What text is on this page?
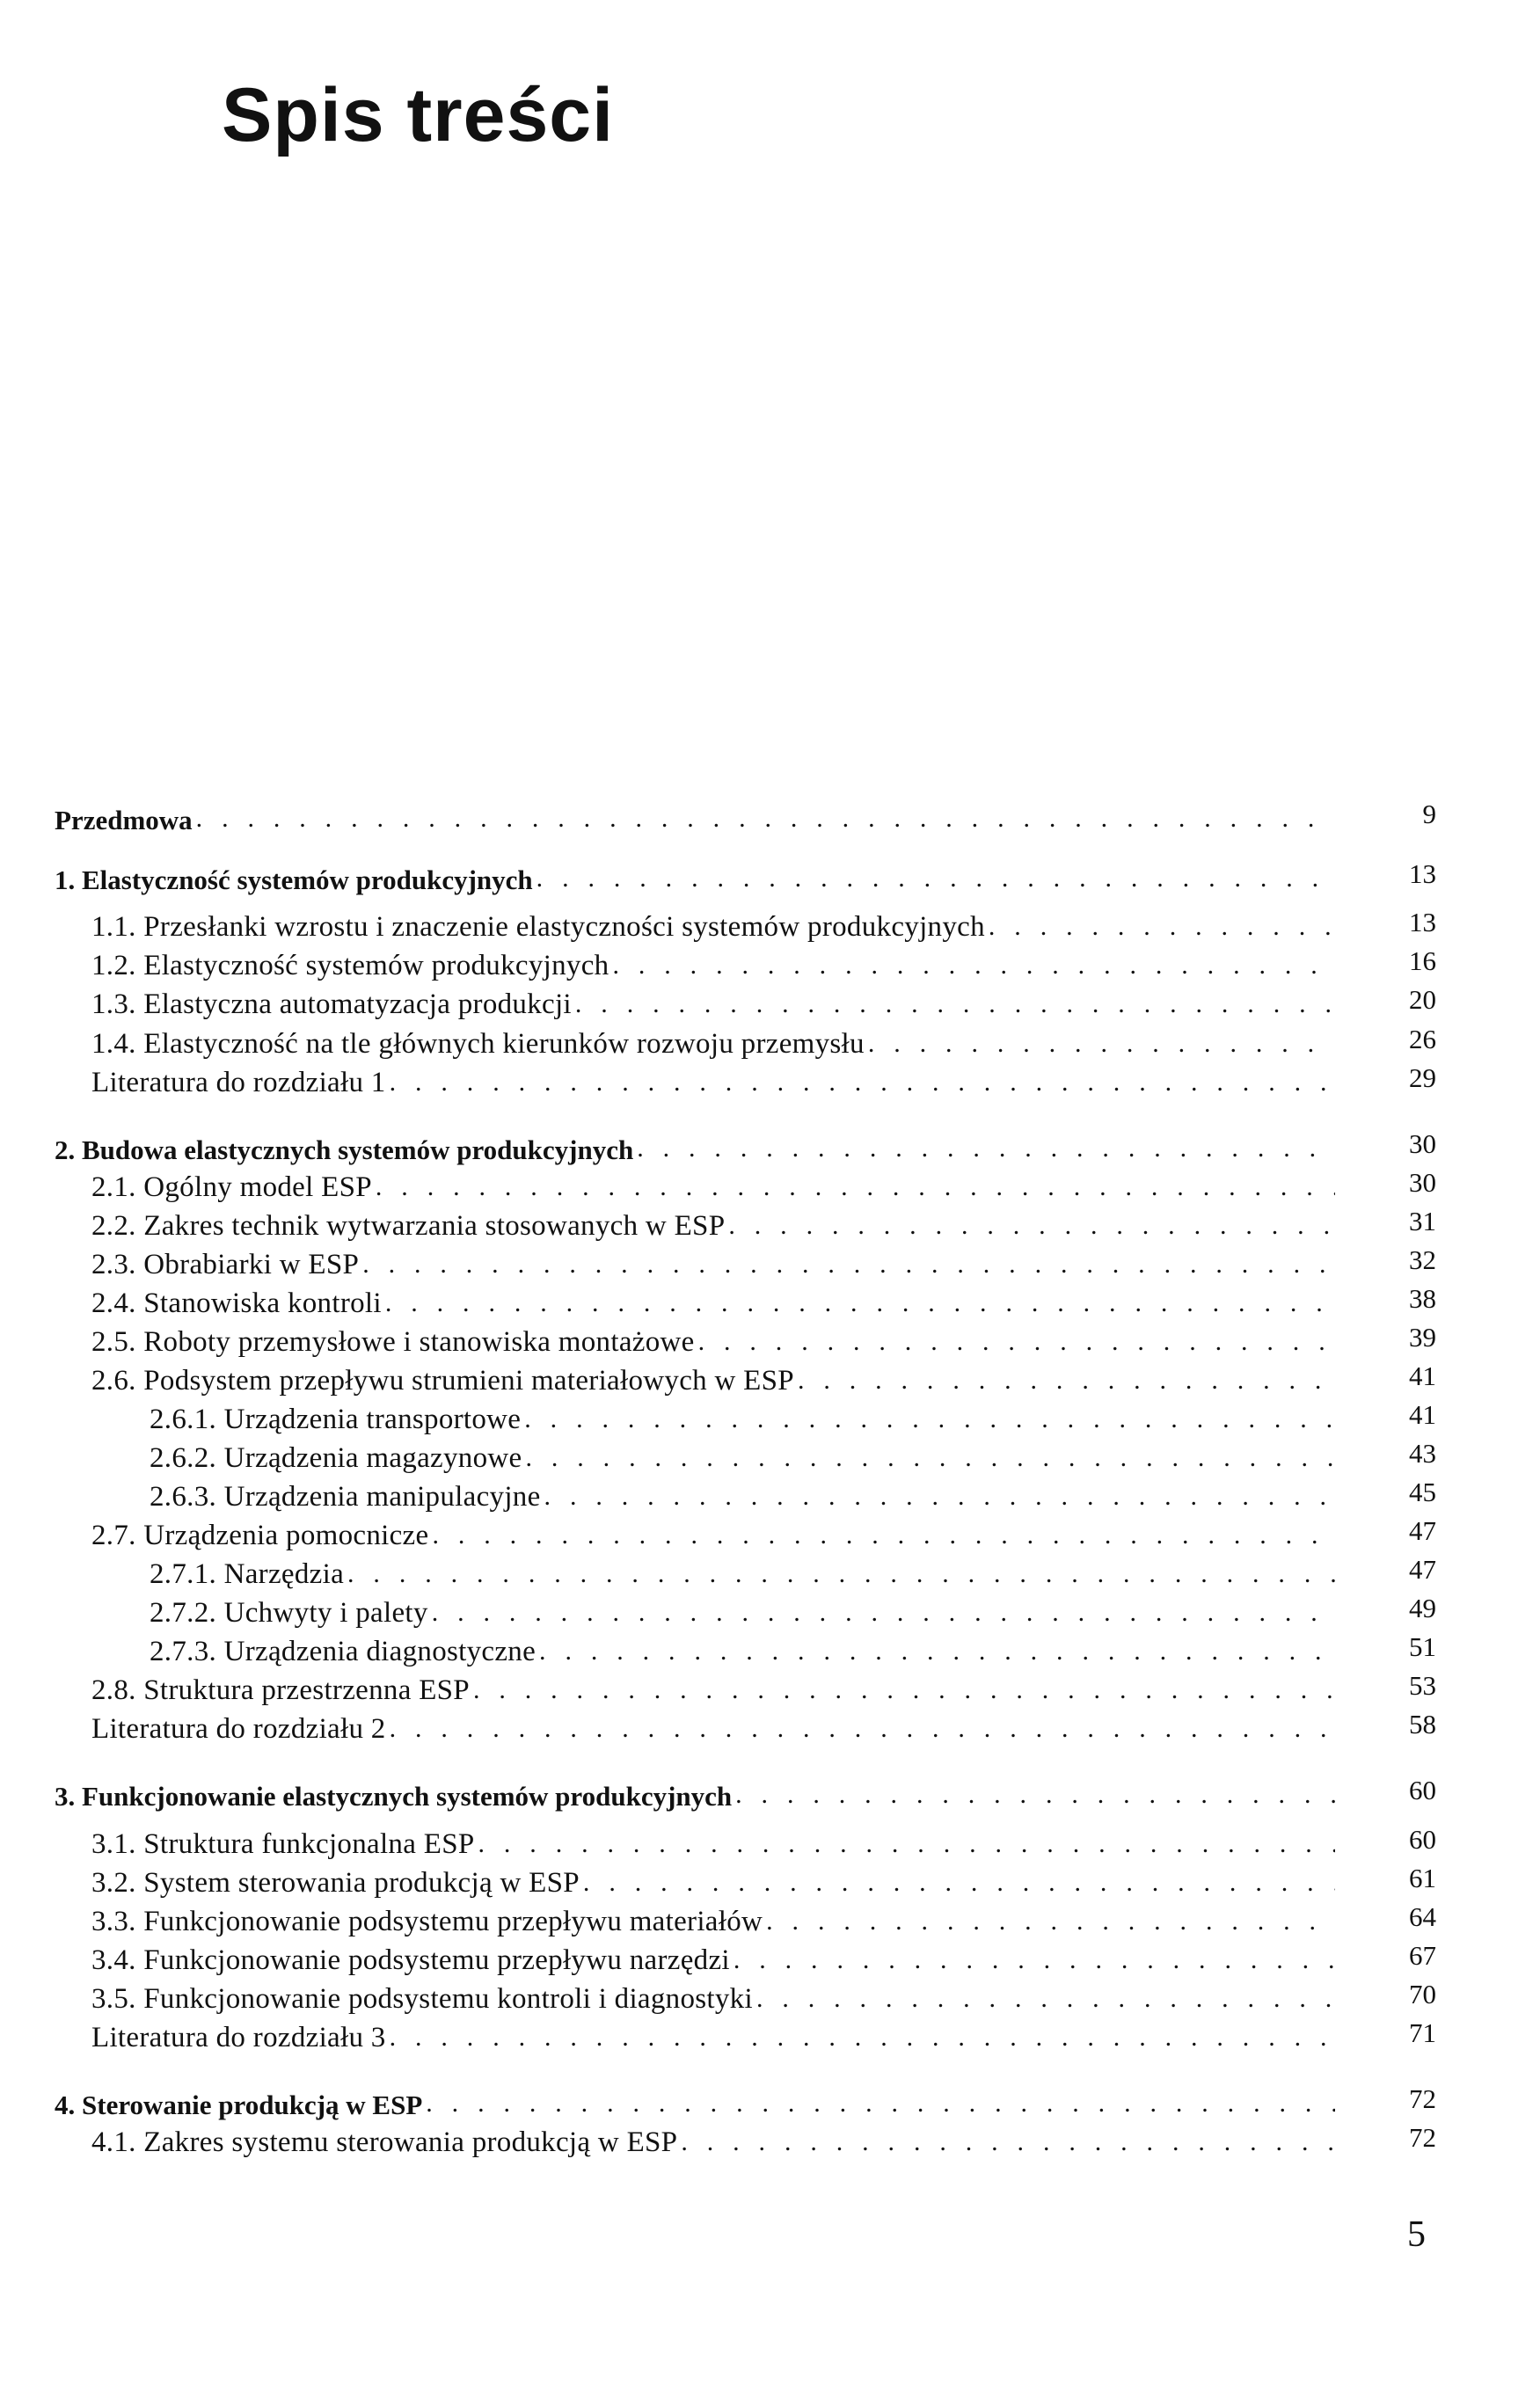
Spis treści
Przedmowa . . .	9
1. Elastyczność systemów produkcyjnych . . .	13
1.1. Przesłanki wzrostu i znaczenie elastyczności systemów produkcyjnych . . .	13
1.2. Elastyczność systemów produkcyjnych . . .	16
1.3. Elastyczna automatyzacja produkcji . . .	20
1.4. Elastyczność na tle głównych kierunków rozwoju przemysłu . . .	26
Literatura do rozdziału 1 . . .	29
2. Budowa elastycznych systemów produkcyjnych . . .	30
2.1. Ogólny model ESP . . .	30
2.2. Zakres technik wytwarzania stosowanych w ESP . . .	31
2.3. Obrabiarki w ESP . . .	32
2.4. Stanowiska kontroli . . .	38
2.5. Roboty przemysłowe i stanowiska montażowe . . .	39
2.6. Podsystem przepływu strumieni materiałowych w ESP . . .	41
2.6.1. Urządzenia transportowe . . .	41
2.6.2. Urządzenia magazynowe . . .	43
2.6.3. Urządzenia manipulacyjne . . .	45
2.7. Urządzenia pomocnicze . . .	47
2.7.1. Narzędzia . . .	47
2.7.2. Uchwyty i palety . . .	49
2.7.3. Urządzenia diagnostyczne . . .	51
2.8. Struktura przestrzenna ESP . . .	53
Literatura do rozdziału 2 . . .	58
3. Funkcjonowanie elastycznych systemów produkcyjnych . . .	60
3.1. Struktura funkcjonalna ESP . . .	60
3.2. System sterowania produkcją w ESP . . .	61
3.3. Funkcjonowanie podsystemu przepływu materiałów . . .	64
3.4. Funkcjonowanie podsystemu przepływu narzędzi . . .	67
3.5. Funkcjonowanie podsystemu kontroli i diagnostyki . . .	70
Literatura do rozdziału 3 . . .	71
4. Sterowanie produkcją w ESP . . .	72
4.1. Zakres systemu sterowania produkcją w ESP . . .	72
5
